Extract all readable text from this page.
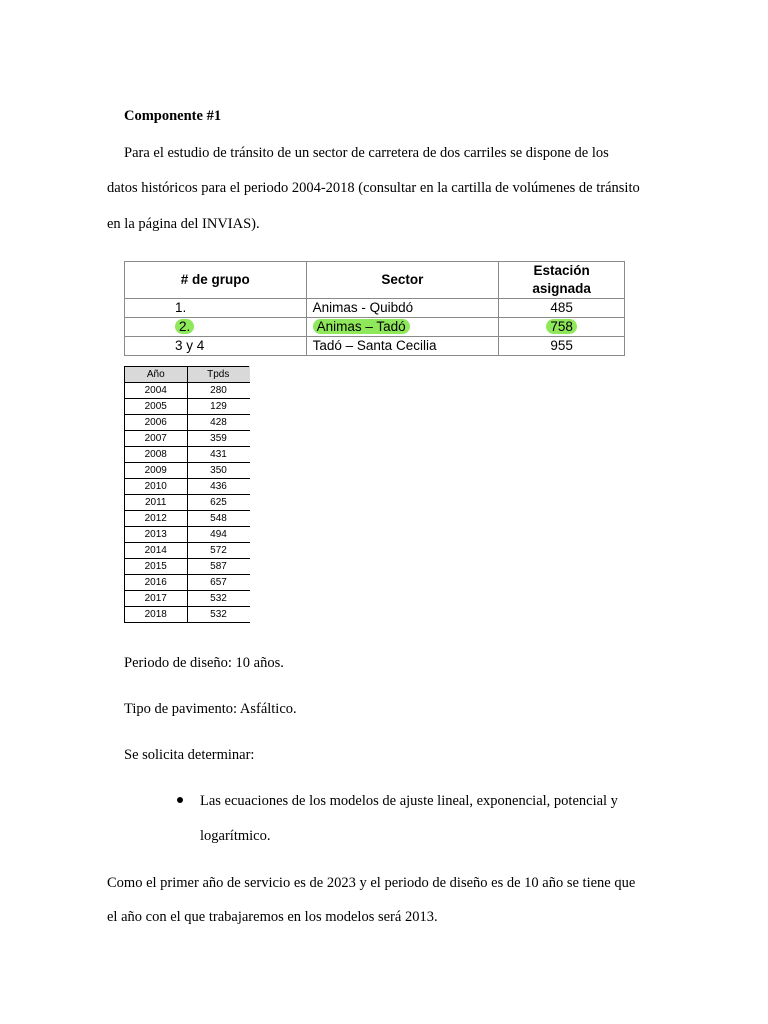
Componente #1
Para el estudio de tránsito de un sector de carretera de dos carriles se dispone de los
datos históricos para el periodo 2004-2018 (consultar en la cartilla de volúmenes de tránsito
en la página del INVIAS).
# de grupo	Sector	Estación asignada
1.	Animas - Quibdó	485
2.	Animas – Tadó	758
3 y 4	Tadó – Santa Cecilia	955
Año	Tpds
2004	280
2005	129
2006	428
2007	359
2008	431
2009	350
2010	436
2011	625
2012	548
2013	494
2014	572
2015	587
2016	657
2017	532
2018	532
Periodo de diseño: 10 años.
Tipo de pavimento: Asfáltico.
Se solicita determinar:
Las ecuaciones de los modelos de ajuste lineal, exponencial, potencial y
logarítmico.
Como el primer año de servicio es de 2023 y el periodo de diseño es de 10 año se tiene que
el año con el que trabajaremos en los modelos será 2013.
